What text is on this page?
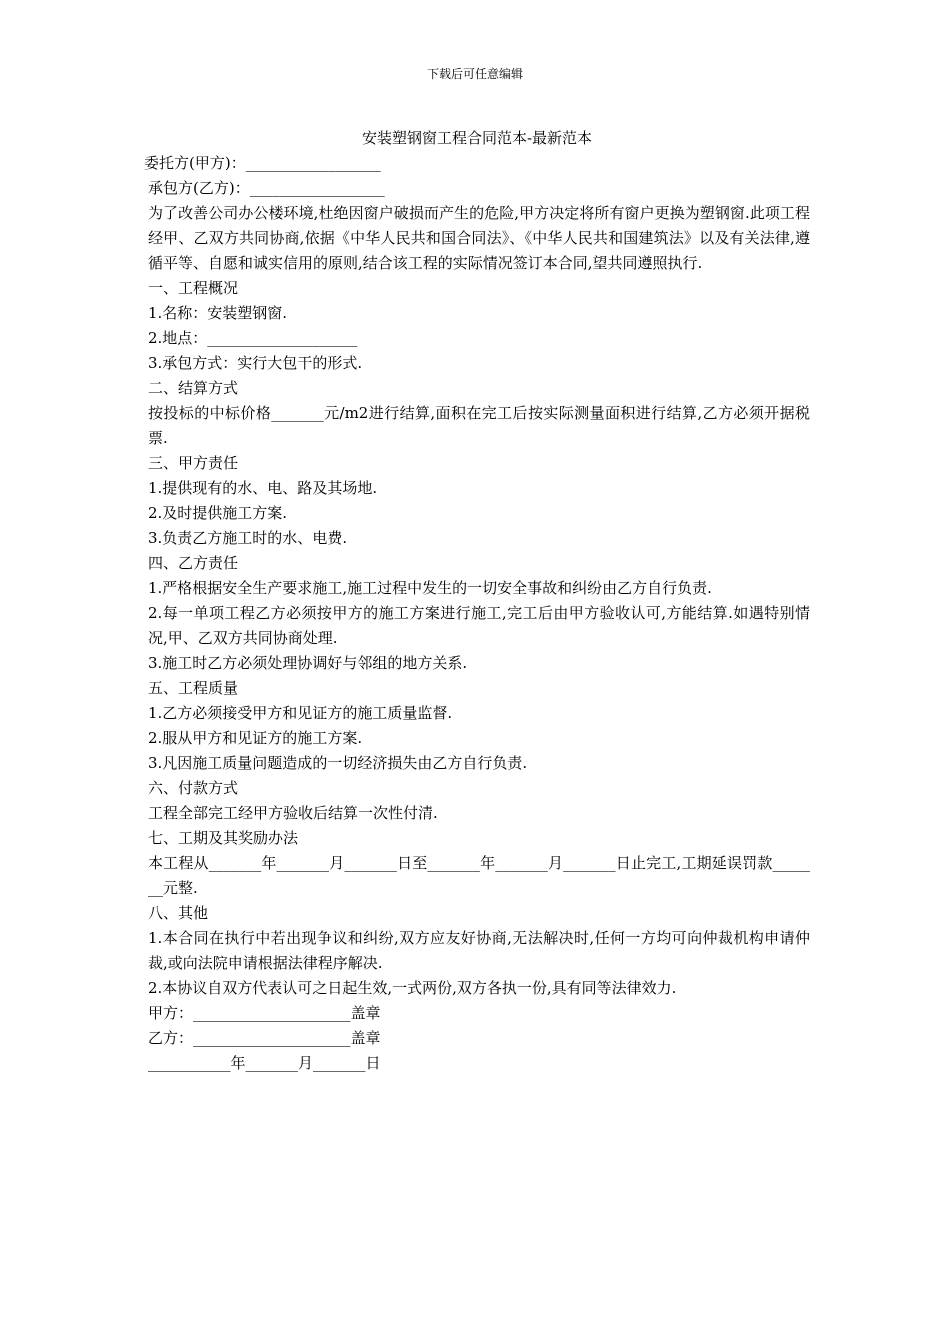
下载后可任意编辑

安装塑钢窗工程合同范本-最新范本

委托方(甲方)：__________________

承包方(乙方)：__________________

为了改善公司办公楼环境,杜绝因窗户破损而产生的危险,甲方决定将所有窗户更换为塑钢窗.此项工程经甲、乙双方共同协商,依据《中华人民共和国合同法》、《中华人民共和国建筑法》以及有关法律,遵循平等、自愿和诚实信用的原则,结合该工程的实际情况签订本合同,望共同遵照执行.

一、工程概况

1.名称：安装塑钢窗.

2.地点：____________________

3.承包方式：实行大包干的形式.

二、结算方式

按投标的中标价格_______元/m2进行结算,面积在完工后按实际测量面积进行结算,乙方必须开据税票.

三、甲方责任

1.提供现有的水、电、路及其场地.

2.及时提供施工方案.

3.负责乙方施工时的水、电费.

四、乙方责任

1.严格根据安全生产要求施工,施工过程中发生的一切安全事故和纠纷由乙方自行负责.

2.每一单项工程乙方必须按甲方的施工方案进行施工,完工后由甲方验收认可,方能结算.如遇特别情况,甲、乙双方共同协商处理.

3.施工时乙方必须处理协调好与邻组的地方关系.

五、工程质量

1.乙方必须接受甲方和见证方的施工质量监督.

2.服从甲方和见证方的施工方案.

3.凡因施工质量问题造成的一切经济损失由乙方自行负责.

六、付款方式

工程全部完工经甲方验收后结算一次性付清.

七、工期及其奖励办法

本工程从_______年_______月_______日至_______年_______月_______日止完工,工期延误罚款_______元整.

八、其他

1.本合同在执行中若出现争议和纠纷,双方应友好协商,无法解决时,任何一方均可向仲裁机构申请仲裁,或向法院申请根据法律程序解决.

2.本协议自双方代表认可之日起生效,一式两份,双方各执一份,具有同等法律效力.

甲方：_____________________盖章

乙方：_____________________盖章

___________年_______月_______日
